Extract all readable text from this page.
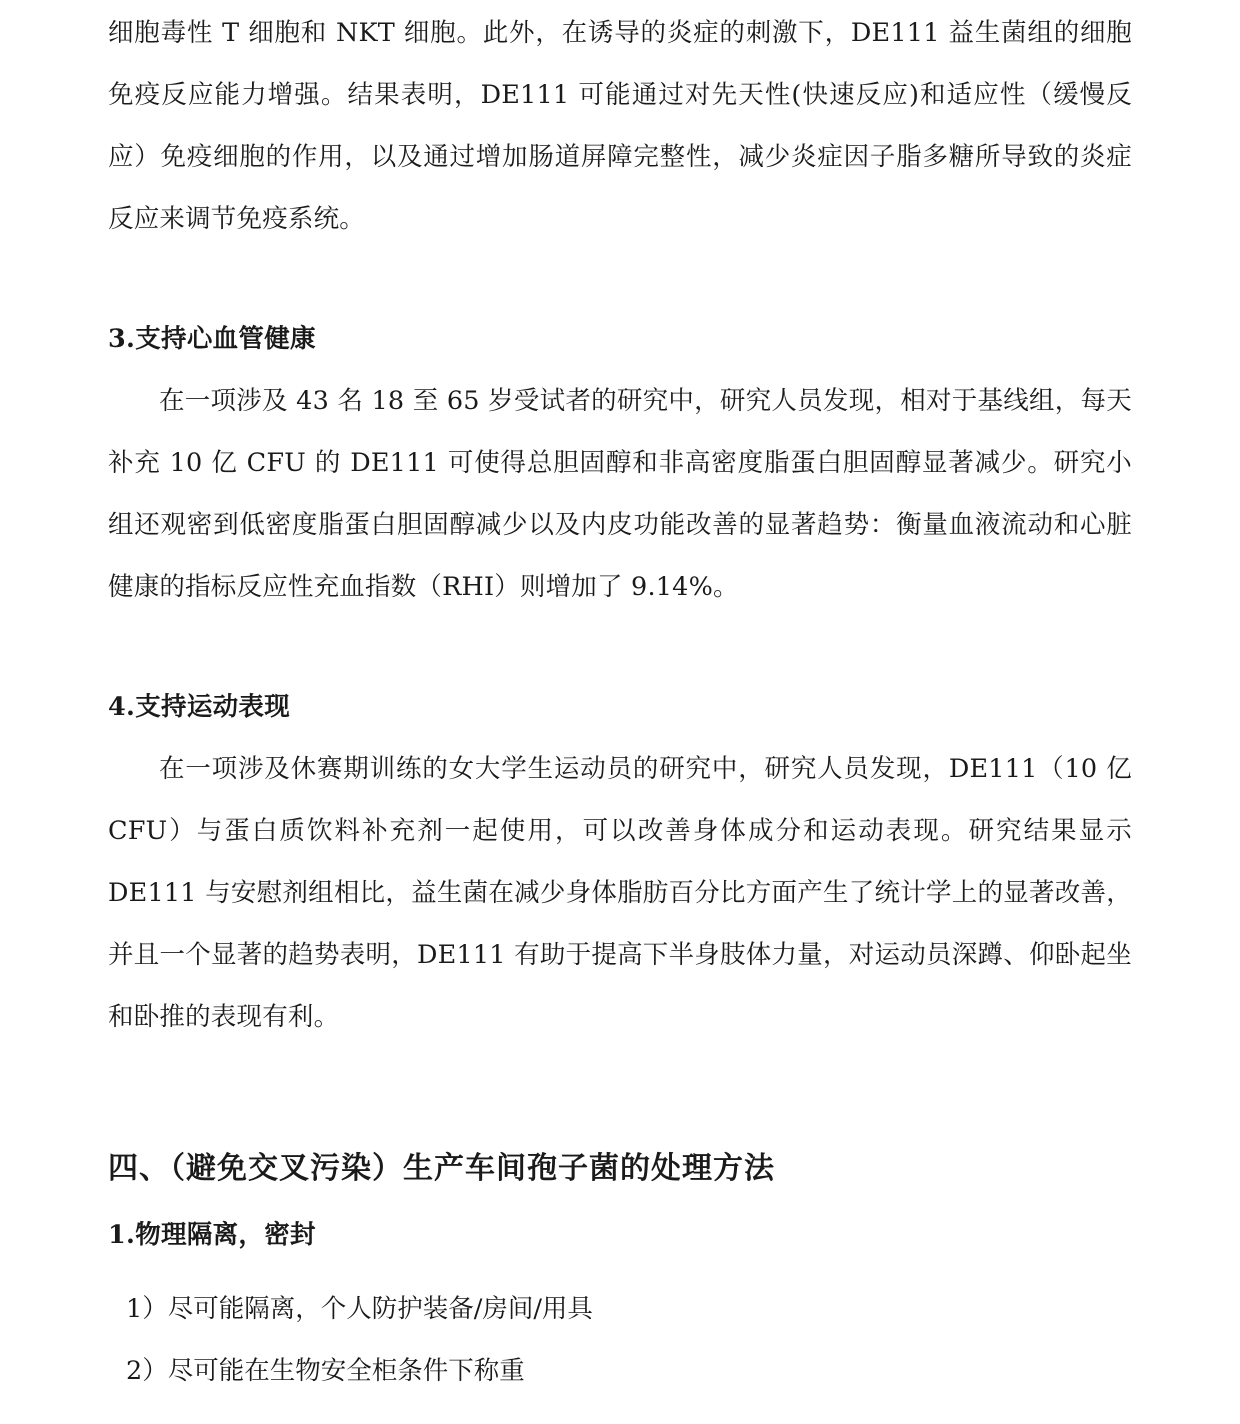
细胞毒性 T 细胞和 NKT 细胞。此外，在诱导的炎症的刺激下，DE111 益生菌组的细胞免疫反应能力增强。结果表明，DE111 可能通过对先天性(快速反应)和适应性（缓慢反应）免疫细胞的作用，以及通过增加肠道屏障完整性，减少炎症因子脂多糖所导致的炎症反应来调节免疫系统。

3.支持心血管健康

在一项涉及 43 名 18 至 65 岁受试者的研究中，研究人员发现，相对于基线组，每天补充 10 亿 CFU 的 DE111 可使得总胆固醇和非高密度脂蛋白胆固醇显著减少。研究小组还观密到低密度脂蛋白胆固醇减少以及内皮功能改善的显著趋势：衡量血液流动和心脏健康的指标反应性充血指数（RHI）则增加了 9.14%。

4.支持运动表现

在一项涉及休赛期训练的女大学生运动员的研究中，研究人员发现，DE111（10 亿 CFU）与蛋白质饮料补充剂一起使用，可以改善身体成分和运动表现。研究结果显示 DE111 与安慰剂组相比，益生菌在减少身体脂肪百分比方面产生了统计学上的显著改善，并且一个显著的趋势表明，DE111 有助于提高下半身肢体力量，对运动员深蹲、仰卧起坐和卧推的表现有利。

四、（避免交叉污染）生产车间孢子菌的处理方法
1.物理隔离，密封

1）尽可能隔离，个人防护装备/房间/用具

2）尽可能在生物安全柜条件下称重
